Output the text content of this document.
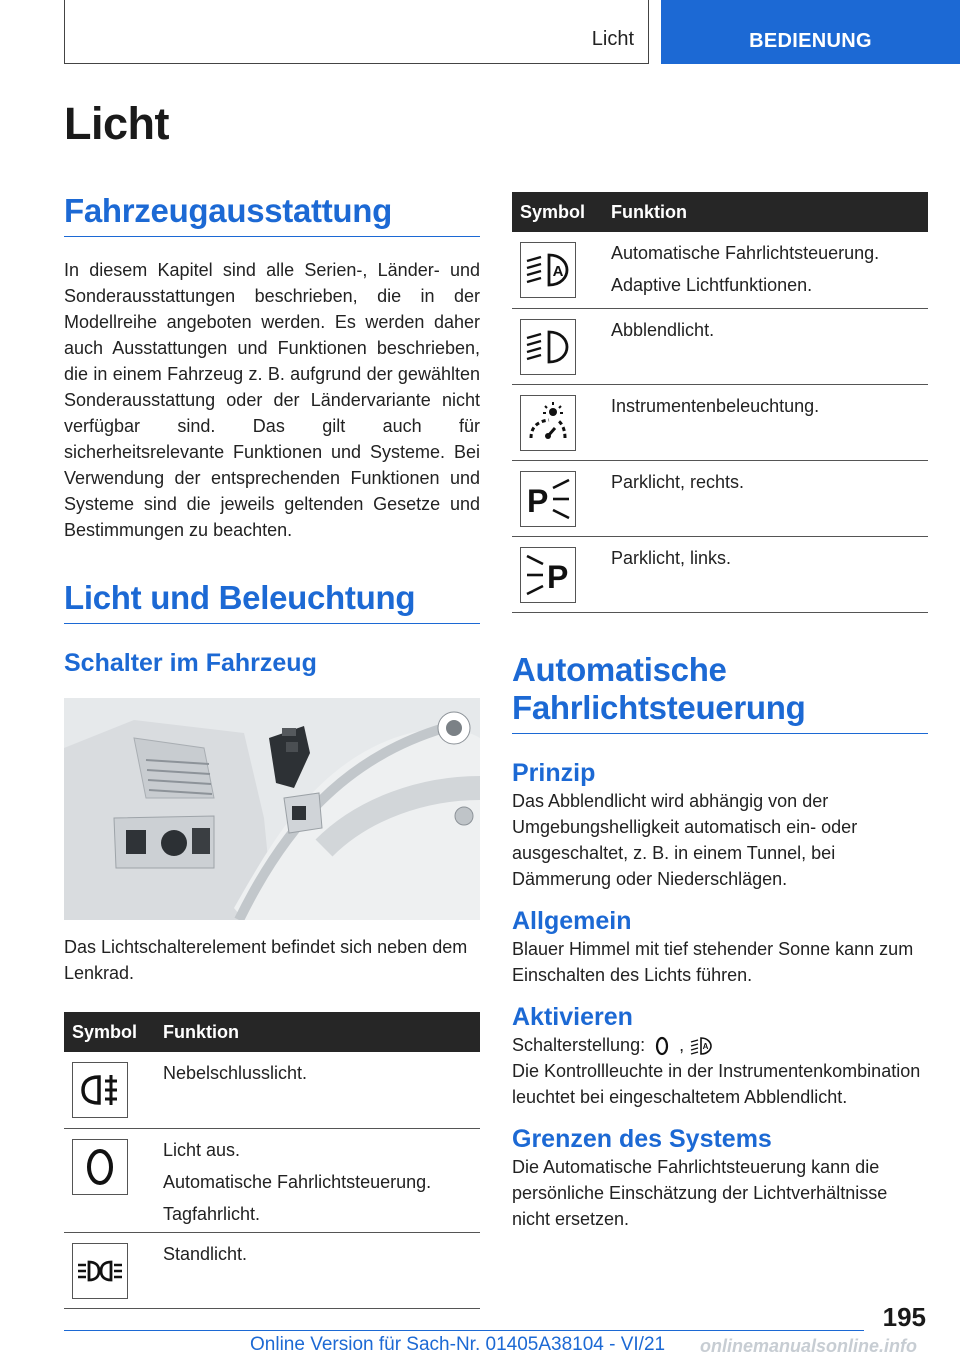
Licht	BEDIENUNG
Licht
Fahrzeugausstattung
In diesem Kapitel sind alle Serien-, Länder- und Sonderausstattungen beschrieben, die in der Modellreihe angeboten werden. Es werden daher auch Ausstattungen und Funktionen beschrieben, die in einem Fahrzeug z. B. aufgrund der gewählten Sonderausstattung oder der Ländervariante nicht verfügbar sind. Das gilt auch für sicherheitsrelevante Funktionen und Systeme. Bei Verwendung der entsprechenden Funktionen und Systeme sind die jeweils geltenden Gesetze und Bestimmungen zu beachten.
Licht und Beleuchtung
Schalter im Fahrzeug
Das Lichtschalterelement befindet sich neben dem Lenkrad.
Symbol	Funktion

Nebelschlusslicht.

Licht aus.
Automatische Fahrlichtsteuerung.
Tagfahrlicht.

Standlicht.
Symbol	Funktion

A	Automatische Fahrlichtsteuerung.
Adaptive Lichtfunktionen.

Abblendlicht.

Instrumentenbeleuchtung.

P	Parklicht, rechts.

P	Parklicht, links.
Automatische Fahrlichtsteuerung
Prinzip
Das Abblendlicht wird abhängig von der Umgebungshelligkeit automatisch ein- oder ausgeschaltet, z. B. in einem Tunnel, bei Dämmerung oder Niederschlägen.
Allgemein
Blauer Himmel mit tief stehender Sonne kann zum Einschalten des Lichts führen.
Aktivieren
Schalterstellung: , A
Die Kontrollleuchte in der Instrumentenkombination leuchtet bei eingeschaltetem Abblendlicht.
Grenzen des Systems
Die Automatische Fahrlichtsteuerung kann die persönliche Einschätzung der Lichtverhältnisse nicht ersetzen.
195
Online Version für Sach-Nr. 01405A38104 - VI/21 onlinemanualsonline.info
